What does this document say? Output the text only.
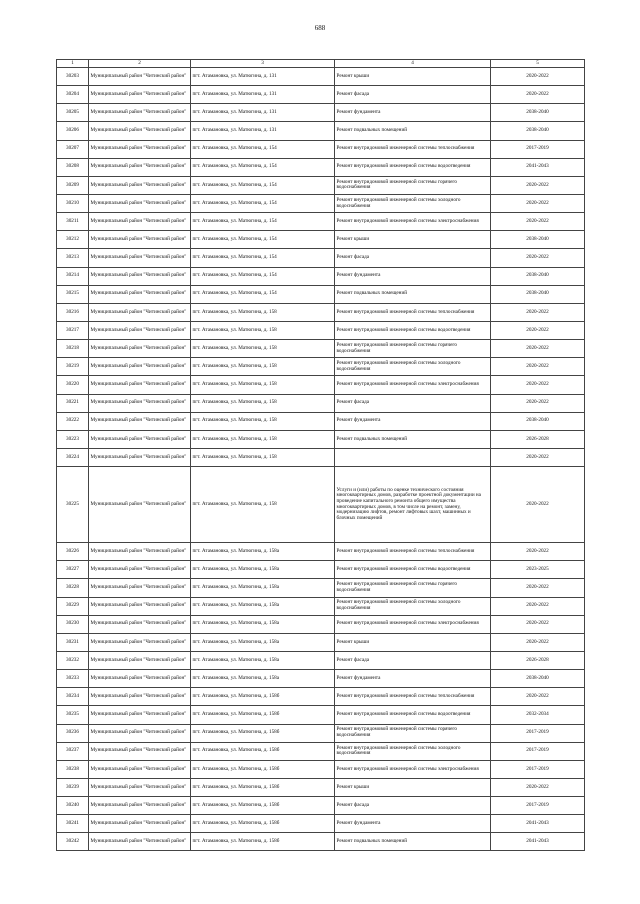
688
1	2	3	4	5
30203	Муниципальный район "Читинский район"	пгт. Атамановка, ул. Матюгина, д. 131	Ремонт крыши	2020-2022
30204	Муниципальный район "Читинский район"	пгт. Атамановка, ул. Матюгина, д. 131	Ремонт фасада	2020-2022
30205	Муниципальный район "Читинский район"	пгт. Атамановка, ул. Матюгина, д. 131	Ремонт фундамента	2038-2040
30206	Муниципальный район "Читинский район"	пгт. Атамановка, ул. Матюгина, д. 131	Ремонт подвальных помещений	2038-2040
30207	Муниципальный район "Читинский район"	пгт. Атамановка, ул. Матюгина, д. 154	Ремонт внутридомовой инженерной системы теплоснабжения	2017-2019
30208	Муниципальный район "Читинский район"	пгт. Атамановка, ул. Матюгина, д. 154	Ремонт внутридомовой инженерной системы водоотведения	2041-2043
30209	Муниципальный район "Читинский район"	пгт. Атамановка, ул. Матюгина, д. 154	Ремонт внутридомовой инженерной системы горячего водоснабжения	2020-2022
30210	Муниципальный район "Читинский район"	пгт. Атамановка, ул. Матюгина, д. 154	Ремонт внутридомовой инженерной системы холодного водоснабжения	2020-2022
30211	Муниципальный район "Читинский район"	пгт. Атамановка, ул. Матюгина, д. 154	Ремонт внутридомовой инженерной системы электроснабжения	2020-2022
30212	Муниципальный район "Читинский район"	пгт. Атамановка, ул. Матюгина, д. 154	Ремонт крыши	2038-2040
30213	Муниципальный район "Читинский район"	пгт. Атамановка, ул. Матюгина, д. 154	Ремонт фасада	2020-2022
30214	Муниципальный район "Читинский район"	пгт. Атамановка, ул. Матюгина, д. 154	Ремонт фундамента	2038-2040
30215	Муниципальный район "Читинский район"	пгт. Атамановка, ул. Матюгина, д. 154	Ремонт подвальных помещений	2038-2040
30216	Муниципальный район "Читинский район"	пгт. Атамановка, ул. Матюгина, д. 158	Ремонт внутридомовой инженерной системы теплоснабжения	2020-2022
30217	Муниципальный район "Читинский район"	пгт. Атамановка, ул. Матюгина, д. 158	Ремонт внутридомовой инженерной системы водоотведения	2020-2022
30218	Муниципальный район "Читинский район"	пгт. Атамановка, ул. Матюгина, д. 158	Ремонт внутридомовой инженерной системы горячего водоснабжения	2020-2022
30219	Муниципальный район "Читинский район"	пгт. Атамановка, ул. Матюгина, д. 158	Ремонт внутридомовой инженерной системы холодного водоснабжения	2020-2022
30220	Муниципальный район "Читинский район"	пгт. Атамановка, ул. Матюгина, д. 158	Ремонт внутридомовой инженерной системы электроснабжения	2020-2022
30221	Муниципальный район "Читинский район"	пгт. Атамановка, ул. Матюгина, д. 158	Ремонт фасада	2020-2022
30222	Муниципальный район "Читинский район"	пгт. Атамановка, ул. Матюгина, д. 158	Ремонт фундамента	2038-2040
30223	Муниципальный район "Читинский район"	пгт. Атамановка, ул. Матюгина, д. 158	Ремонт подвальных помещений	2026-2028
30224	Муниципальный район "Читинский район"	пгт. Атамановка, ул. Матюгина, д. 158		2020-2022
30225	Муниципальный район "Читинский район"	пгт. Атамановка, ул. Матюгина, д. 158	Услуги и (или) работы по оценке технического состояния многоквартирных домов, разработке проектной документации на проведение капитального ремонта общего имущества многоквартирных домов, в том числе на ремонт, замену, модернизацию лифтов, ремонт лифтовых шахт, машинных и блочных помещений	2020-2022
30226	Муниципальный район "Читинский район"	пгт. Атамановка, ул. Матюгина, д. 158а	Ремонт внутридомовой инженерной системы теплоснабжения	2020-2022
30227	Муниципальный район "Читинский район"	пгт. Атамановка, ул. Матюгина, д. 158а	Ремонт внутридомовой инженерной системы водоотведения	2023-2025
30228	Муниципальный район "Читинский район"	пгт. Атамановка, ул. Матюгина, д. 158а	Ремонт внутридомовой инженерной системы горячего водоснабжения	2020-2022
30229	Муниципальный район "Читинский район"	пгт. Атамановка, ул. Матюгина, д. 158а	Ремонт внутридомовой инженерной системы холодного водоснабжения	2020-2022
30230	Муниципальный район "Читинский район"	пгт. Атамановка, ул. Матюгина, д. 158а	Ремонт внутридомовой инженерной системы электроснабжения	2020-2022
30231	Муниципальный район "Читинский район"	пгт. Атамановка, ул. Матюгина, д. 158а	Ремонт крыши	2020-2022
30232	Муниципальный район "Читинский район"	пгт. Атамановка, ул. Матюгина, д. 158а	Ремонт фасада	2026-2028
30233	Муниципальный район "Читинский район"	пгт. Атамановка, ул. Матюгина, д. 158а	Ремонт фундамента	2038-2040
30234	Муниципальный район "Читинский район"	пгт. Атамановка, ул. Матюгина, д. 158б	Ремонт внутридомовой инженерной системы теплоснабжения	2020-2022
30235	Муниципальный район "Читинский район"	пгт. Атамановка, ул. Матюгина, д. 158б	Ремонт внутридомовой инженерной системы водоотведения	2032-2034
30236	Муниципальный район "Читинский район"	пгт. Атамановка, ул. Матюгина, д. 158б	Ремонт внутридомовой инженерной системы горячего водоснабжения	2017-2019
30237	Муниципальный район "Читинский район"	пгт. Атамановка, ул. Матюгина, д. 158б	Ремонт внутридомовой инженерной системы холодного водоснабжения	2017-2019
30238	Муниципальный район "Читинский район"	пгт. Атамановка, ул. Матюгина, д. 158б	Ремонт внутридомовой инженерной системы электроснабжения	2017-2019
30239	Муниципальный район "Читинский район"	пгт. Атамановка, ул. Матюгина, д. 158б	Ремонт крыши	2020-2022
30240	Муниципальный район "Читинский район"	пгт. Атамановка, ул. Матюгина, д. 158б	Ремонт фасада	2017-2019
30241	Муниципальный район "Читинский район"	пгт. Атамановка, ул. Матюгина, д. 158б	Ремонт фундамента	2041-2043
30242	Муниципальный район "Читинский район"	пгт. Атамановка, ул. Матюгина, д. 158б	Ремонт подвальных помещений	2041-2043
